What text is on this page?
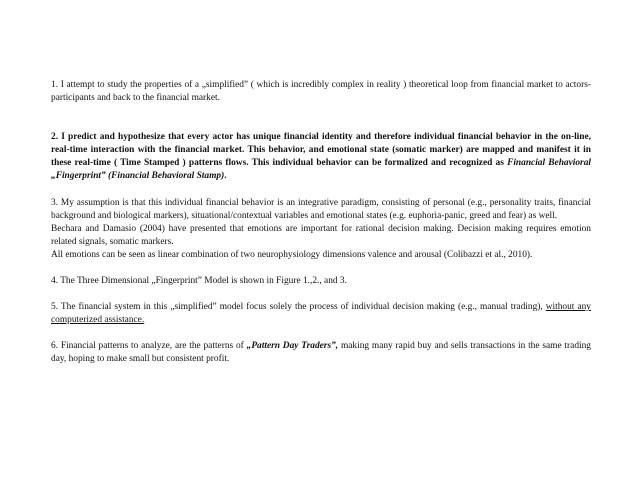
1. I attempt to study the properties of a „simplified” ( which is incredibly complex in reality ) theoretical loop from financial market to actors-participants and back to the financial market.

2. I predict and hypothesize that every actor has unique financial identity and therefore individual financial behavior in the on-line, real-time interaction with the financial market. This behavior, and emotional state (somatic marker) are mapped and manifest it in these real-time ( Time Stamped ) patterns flows. This individual behavior can be formalized and recognized as Financial Behavioral „Fingerprint” (Financial Behavioral Stamp).

3. My assumption is that this individual financial behavior is an integrative paradigm, consisting of personal (e.g., personality traits, financial background and biological markers), situational/contextual variables and emotional states (e.g. euphoria-panic, greed and fear) as well.
Bechara and Damasio (2004) have presented that emotions are important for rational decision making. Decision making requires emotion related signals, somatic markers.
All emotions can be seen as linear combination of two neurophysiology dimensions valence and arousal (Colibazzi et al., 2010).

4. The Three Dimensional „Fingerprint” Model is shown in Figure 1.,2., and 3.

5. The financial system in this „simplified” model focus solely the process of individual decision making (e.g., manual trading), without any computerized assistance.

6. Financial patterns to analyze, are the patterns of „Pattern Day Traders”, making many rapid buy and sells transactions in the same trading day, hoping to make small but consistent profit.
